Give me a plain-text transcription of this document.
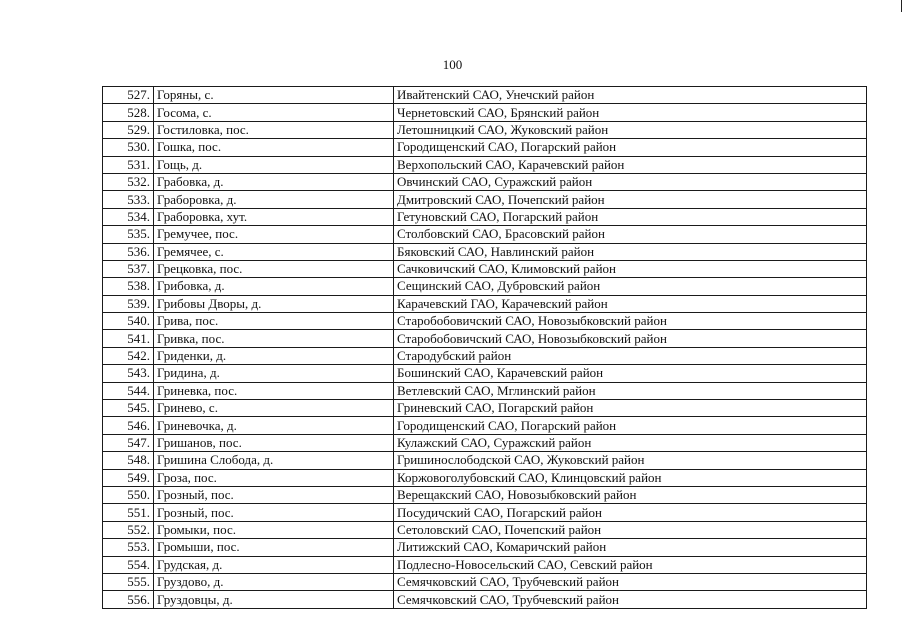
100
527.	Горяны, с.	Ивайтенский САО, Унечский район
528.	Госома, с.	Чернетовский САО, Брянский район
529.	Гостиловка, пос.	Летошницкий САО, Жуковский район
530.	Гошка, пос.	Городищенский САО, Погарский район
531.	Гощь, д.	Верхопольский САО, Карачевский район
532.	Грабовка, д.	Овчинский САО, Суражский район
533.	Граборовка, д.	Дмитровский САО, Почепский район
534.	Граборовка, хут.	Гетуновский САО, Погарский район
535.	Гремучее, пос.	Столбовский САО, Брасовский район
536.	Гремячее, с.	Бяковский САО, Навлинский район
537.	Грецковка, пос.	Сачковичский САО, Климовский район
538.	Грибовка, д.	Сещинский САО, Дубровский район
539.	Грибовы Дворы, д.	Карачевский ГАО, Карачевский район
540.	Грива, пос.	Старобобовичский САО, Новозыбковский район
541.	Гривка, пос.	Старобобовичский САО, Новозыбковский район
542.	Гриденки, д.	Стародубский район
543.	Гридина, д.	Бошинский САО, Карачевский район
544.	Гриневка, пос.	Ветлевский САО, Мглинский район
545.	Гринево, с.	Гриневский САО, Погарский район
546.	Гриневочка, д.	Городищенский САО, Погарский район
547.	Гришанов, пос.	Кулажский САО, Суражский район
548.	Гришина Слобода, д.	Гришинослободской САО, Жуковский район
549.	Гроза, пос.	Коржовоголубовский САО, Клинцовский район
550.	Грозный, пос.	Верещакский САО, Новозыбковский район
551.	Грозный, пос.	Посудичский САО, Погарский район
552.	Громыки, пос.	Сетоловский САО, Почепский район
553.	Громыши, пос.	Литижский САО, Комаричский район
554.	Грудская, д.	Подлесно-Новосельский САО, Севский район
555.	Груздово, д.	Семячковский САО, Трубчевский район
556.	Груздовцы, д.	Семячковский САО, Трубчевский район
